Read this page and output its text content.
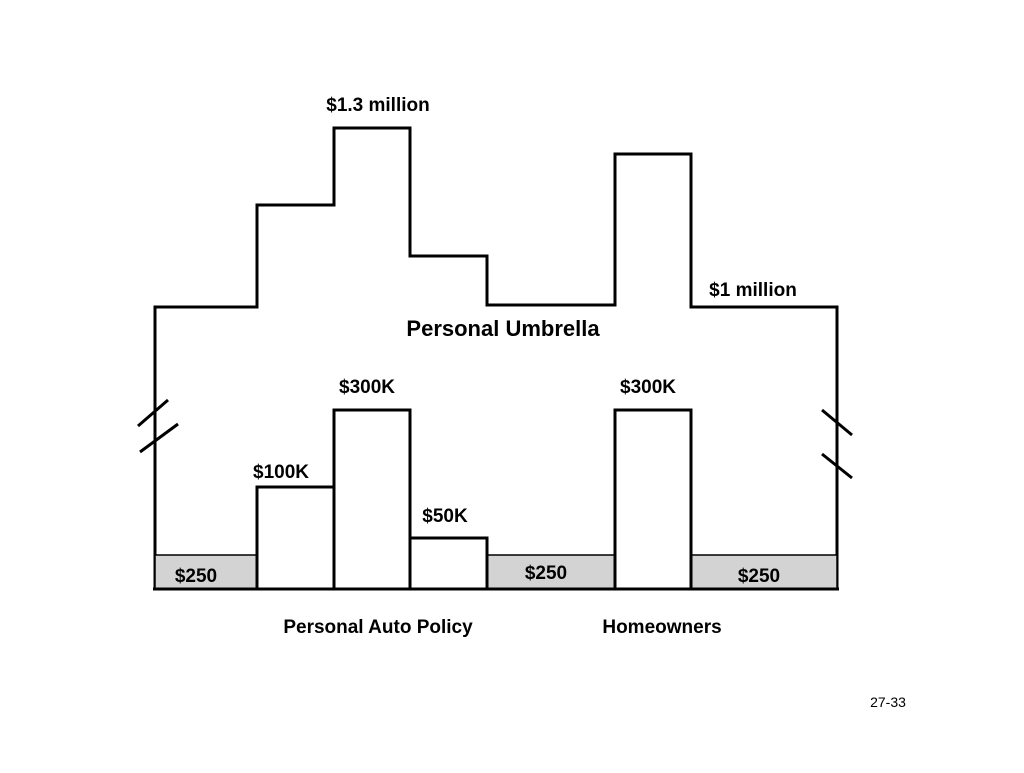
$1.3 million
$1 million
Personal Umbrella
$100K
$300K
$50K
$300K
$250	$250	$250
Personal Auto Policy	Homeowners
27-33
